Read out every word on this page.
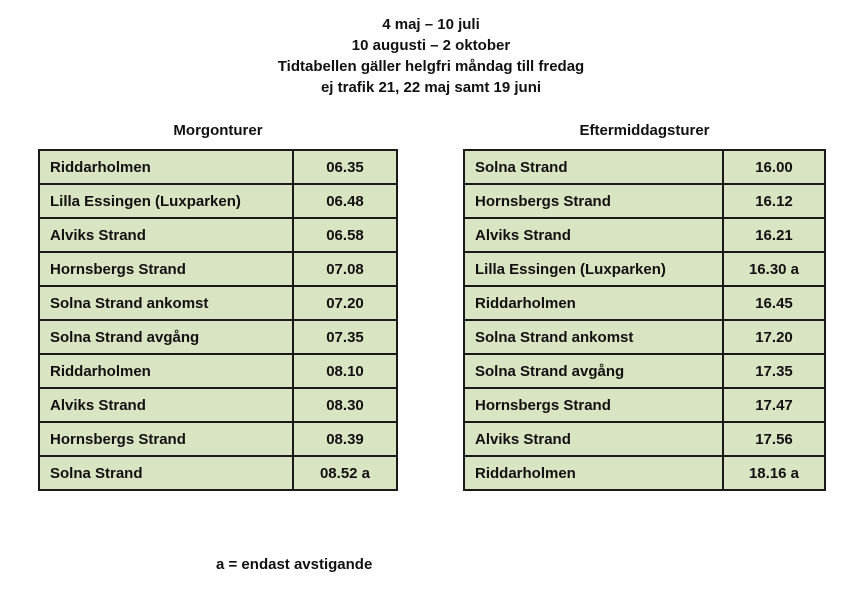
4 maj – 10 juli
10 augusti – 2 oktober
Tidtabellen gäller helgfri måndag till fredag
ej trafik 21, 22 maj samt 19 juni
Morgonturer	Eftermiddagsturer
Riddarholmen	06.35
Lilla Essingen (Luxparken)	06.48
Alviks Strand	06.58
Hornsbergs Strand	07.08
Solna Strand ankomst	07.20
Solna Strand avgång	07.35
Riddarholmen	08.10
Alviks Strand	08.30
Hornsbergs Strand	08.39
Solna Strand	08.52 a
Solna Strand	16.00
Hornsbergs Strand	16.12
Alviks Strand	16.21
Lilla Essingen (Luxparken)	16.30 a
Riddarholmen	16.45
Solna Strand ankomst	17.20
Solna Strand avgång	17.35
Hornsbergs Strand	17.47
Alviks Strand	17.56
Riddarholmen	18.16 a
a = endast avstigande
